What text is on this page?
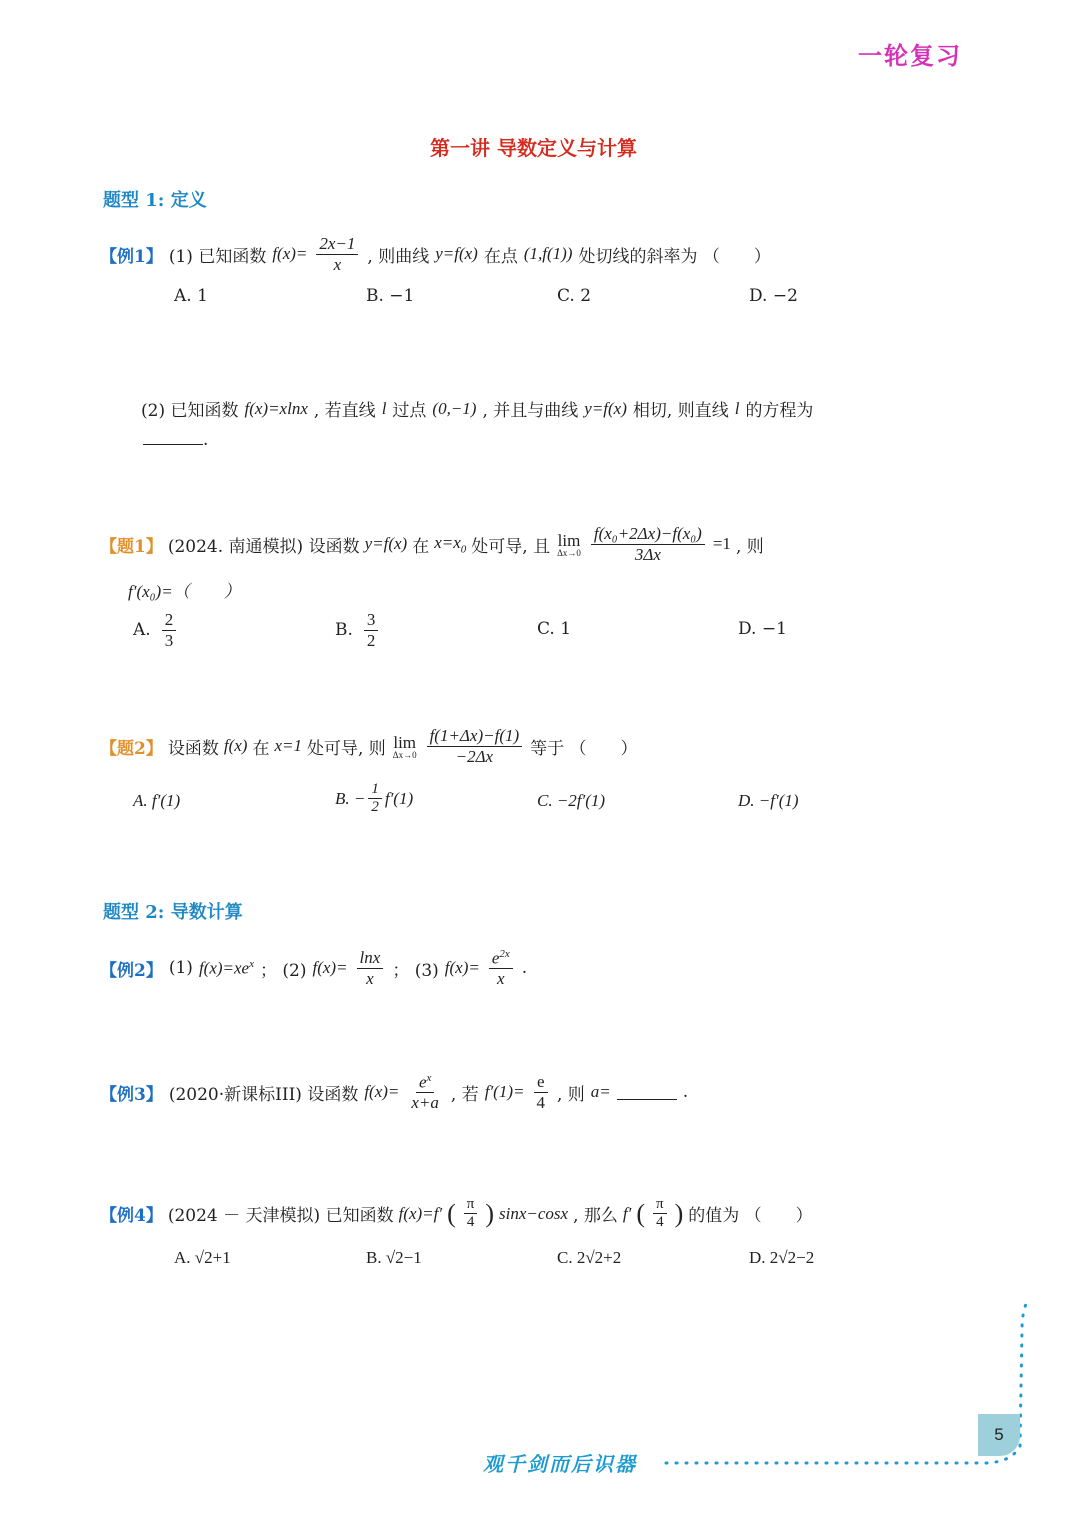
一轮复习
第一讲 导数定义与计算
题型 1: 定义
【例1】 (1) 已知函数 $f(x)= \frac{2x-1}{x}$ , 则曲线 y=f(x) 在点 (1,f(1)) 处切线的斜率为 （　　）
A. 1	B. −1	C. 2	D. −2
(2) 已知函数 f(x)=xlnx , 若直线 l 过点 (0,−1) , 并且与曲线 y=f(x) 相切, 则直线 l 的方程为
.
【题1】 (2024. 南通模拟) 设函数 y=f(x) 在 $x=x_0$ 处可导, 且 lim
$\Delta x\to 0 \frac{\text{f(x₀+2Δx)−f(x₀)}}{3\Delta x} =1$ , 则
f′(x₀)=（　　）
A. $\frac{2}{3}$	B. $\frac{3}{2}$	C. 1	D. −1
【题2】 设函数 f(x) 在 x=1 处可导, 则 lim
$\Delta x\to 0 \frac{f(1+\Delta x)-f(1)}{-2\Delta x}$ 等于 （　　）
A. f′(1)	B. − $\frac{1}{2} f'(1)$	C. −2f′(1)	D. −f′(1)
题型 2: 导数计算
【例2】 (1) $f(x)=xe^x$ ； (2) $f(x)= \frac{\ln x}{x}$ ； (3) $f(x)= \frac{e^{2x}}{x}$ .
【例3】 (2020·新课标III) 设函数 $f(x)= \frac{e^x}{x+a}$ , 若 $f'(1)= \frac{e}{4}$ , 则 a=	.
【例4】 (2024 － 天津模拟) 已知函数 f(x)=f′ ( $\frac{\pi}{4}$ ) sinx−cosx , 那么 f′ ( $\frac{\pi}{4}$ ) 的值为 （　　）
A. √2+1	B. √2−1	C. 2√2+2	D. 2√2−2
5
观千剑而后识器
